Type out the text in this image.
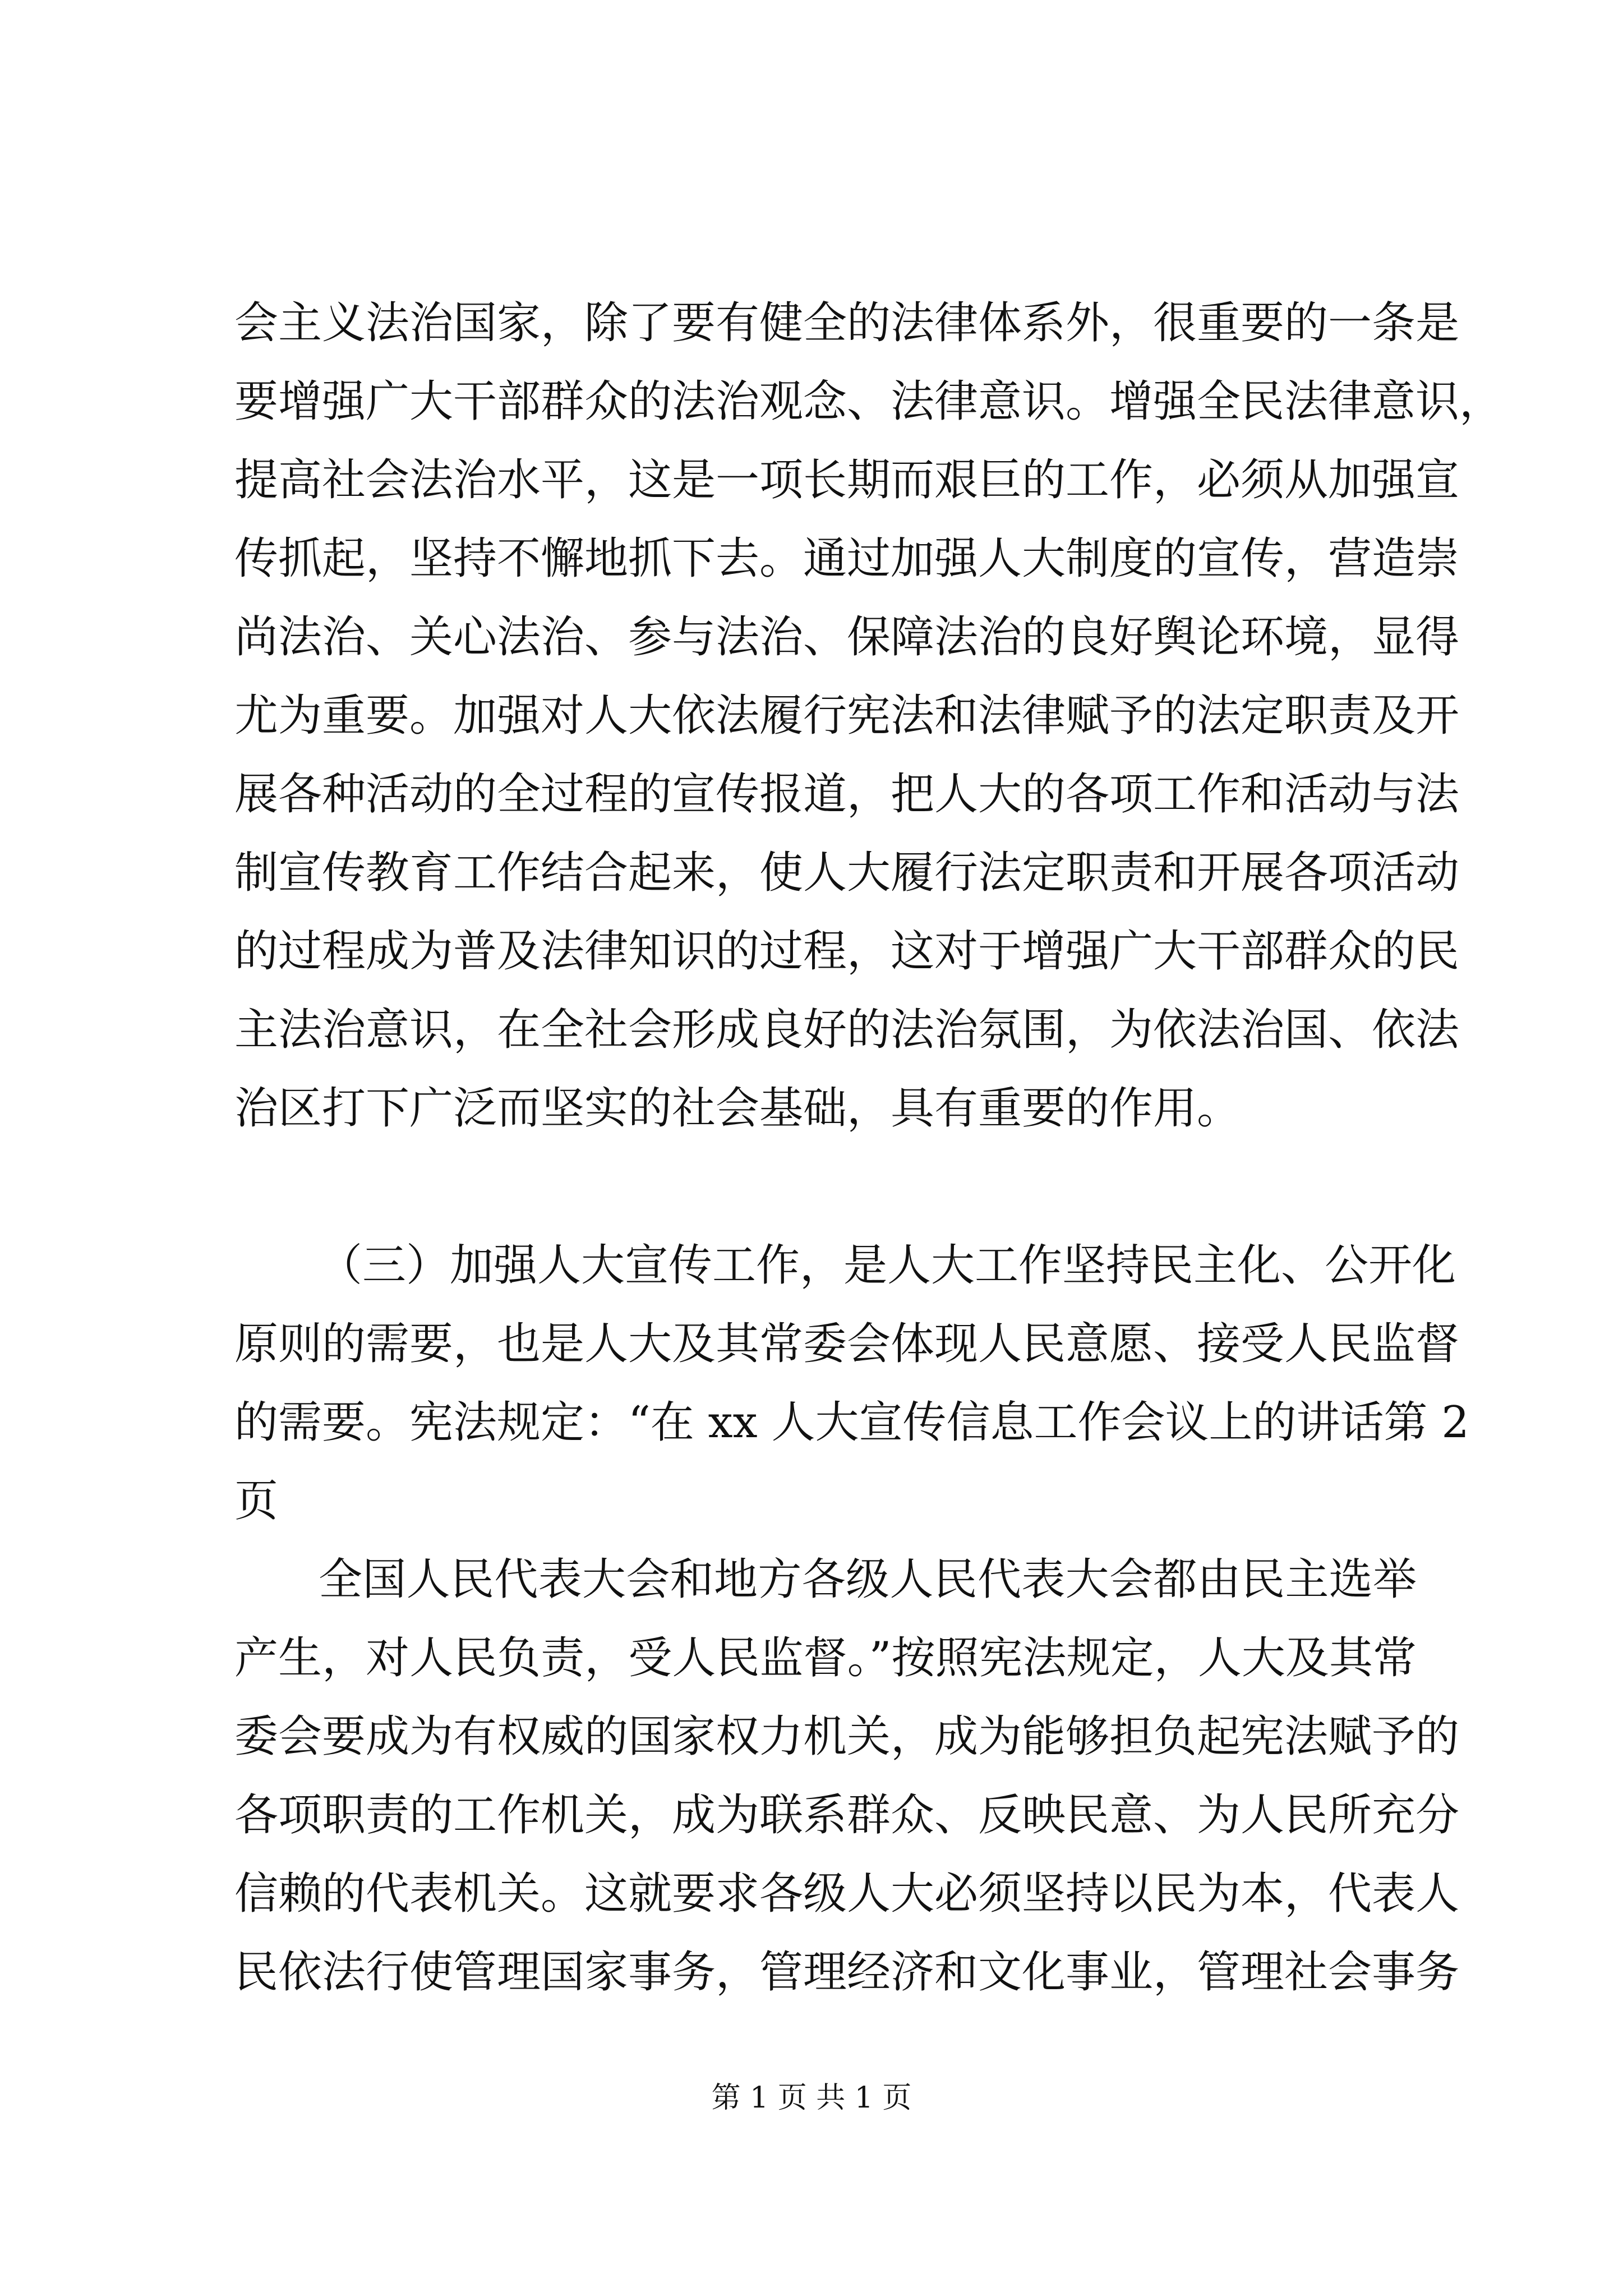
会主义法治国家，除了要有健全的法律体系外，很重要的一条是
要增强广大干部群众的法治观念、法律意识。增强全民法律意识，
提高社会法治水平，这是一项长期而艰巨的工作，必须从加强宣
传抓起，坚持不懈地抓下去。通过加强人大制度的宣传，营造崇
尚法治、关心法治、参与法治、保障法治的良好舆论环境，显得
尤为重要。加强对人大依法履行宪法和法律赋予的法定职责及开
展各种活动的全过程的宣传报道，把人大的各项工作和活动与法
制宣传教育工作结合起来，使人大履行法定职责和开展各项活动
的过程成为普及法律知识的过程，这对于增强广大干部群众的民
主法治意识，在全社会形成良好的法治氛围，为依法治国、依法
治区打下广泛而坚实的社会基础，具有重要的作用。
（三）加强人大宣传工作，是人大工作坚持民主化、公开化
原则的需要，也是人大及其常委会体现人民意愿、接受人民监督
的需要。宪法规定：“在 xx 人大宣传信息工作会议上的讲话第 2
页
全国人民代表大会和地方各级人民代表大会都由民主选举
产生，对人民负责，受人民监督。”按照宪法规定，人大及其常
委会要成为有权威的国家权力机关，成为能够担负起宪法赋予的
各项职责的工作机关，成为联系群众、反映民意、为人民所充分
信赖的代表机关。这就要求各级人大必须坚持以民为本，代表人
民依法行使管理国家事务，管理经济和文化事业，管理社会事务
第 1 页 共 1 页
